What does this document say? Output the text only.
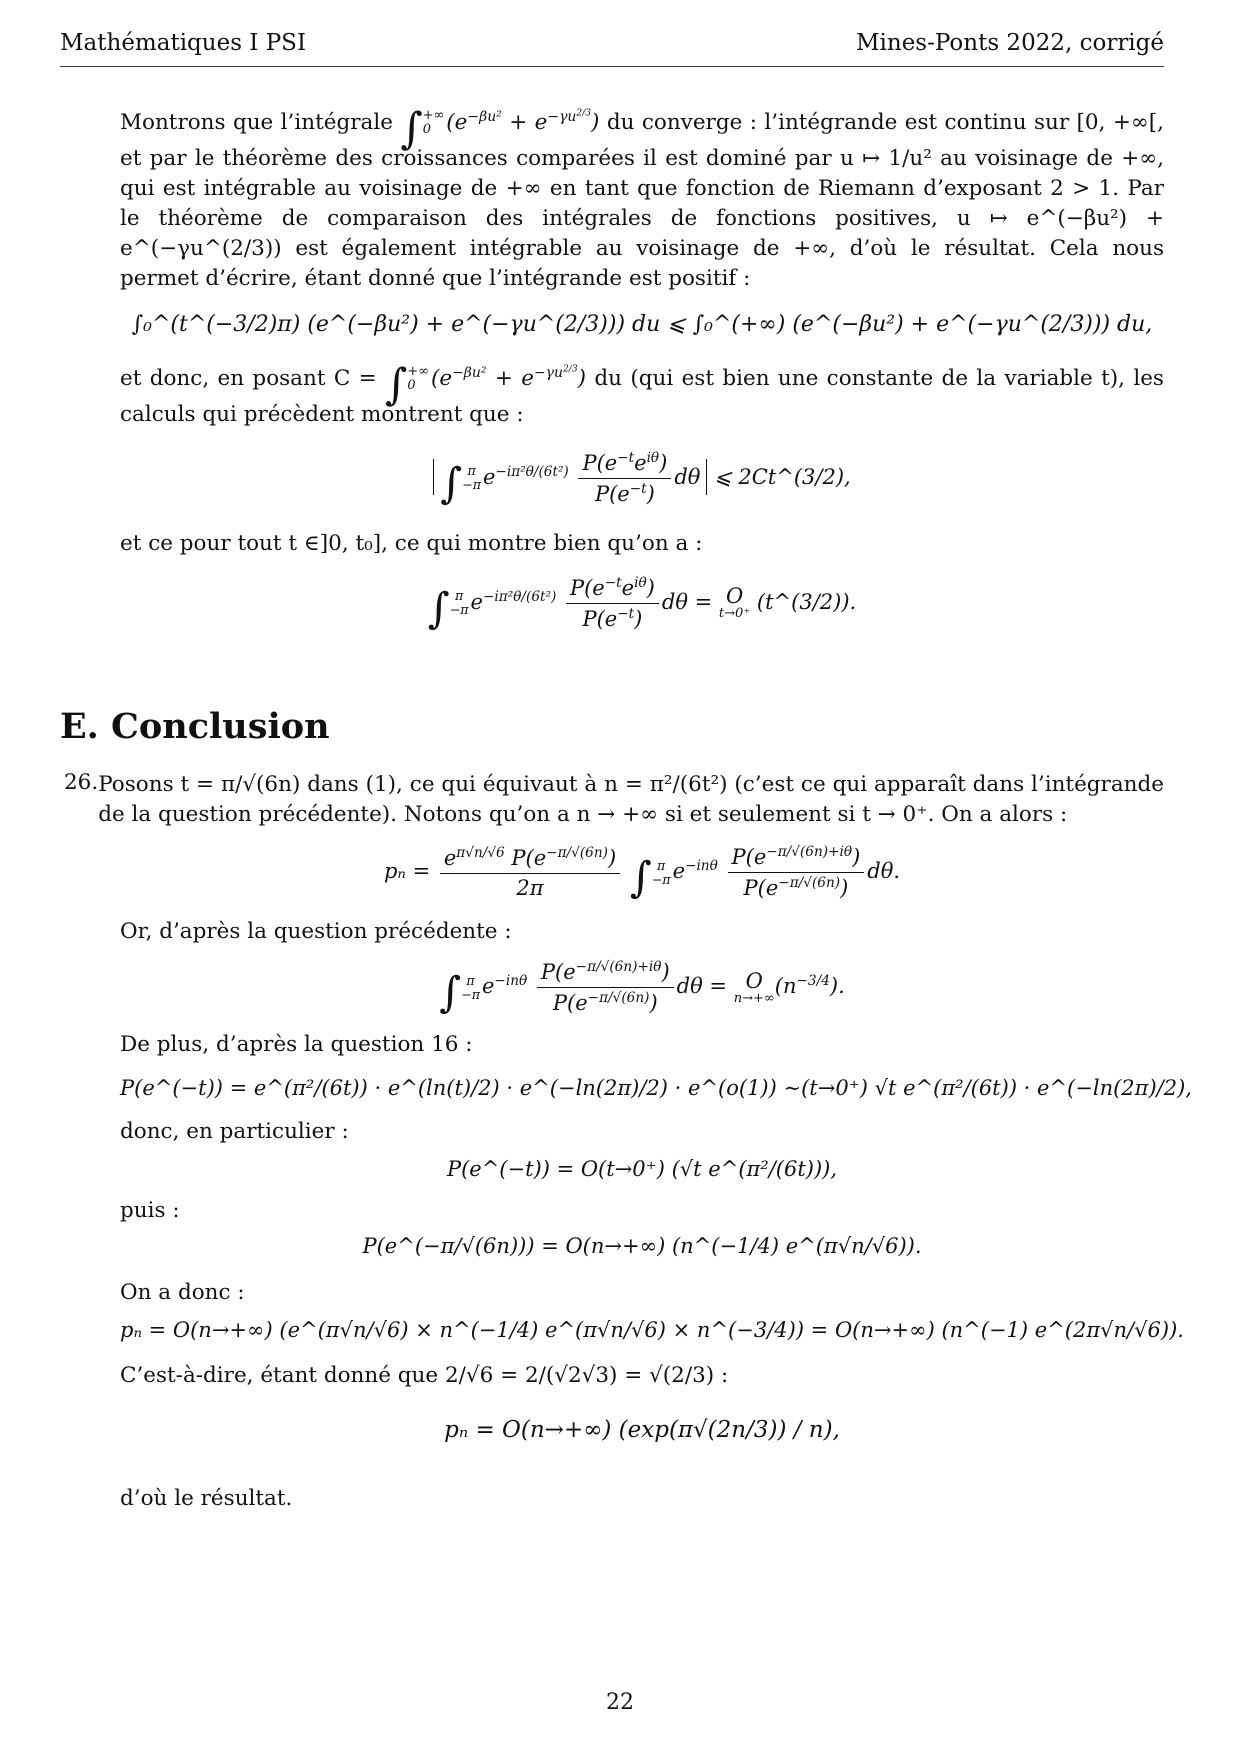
Mathématiques I PSI	Mines-Ponts 2022, corrigé

Montrons que l’intégrale ∫ +∞
0 $(e^{-\beta u^2} + e^{-\gamma u^{2/3}})$ du converge : l’intégrande est continu sur [0, +∞[, et par le théorème des croissances comparées il est dominé par u ↦ 1/u² au voisinage de +∞, qui est intégrable au voisinage de +∞ en tant que fonction de Riemann d’exposant 2 > 1. Par le théorème de comparaison des intégrales de fonctions positives, u ↦ e^(−βu²) + e^(−γu^(2/3)) est également intégrable au voisinage de +∞, d’où le résultat. Cela nous permet d’écrire, étant donné que l’intégrande est positif :

∫₀^(t^(−3/2)π) (e^(−βu²) + e^(−γu^(2/3))) du ⩽ ∫₀^(+∞) (e^(−βu²) + e^(−γu^(2/3))) du,

et donc, en posant C = ∫ +∞
0 $(e^{-\beta u^2} + e^{-\gamma u^{2/3}})$ du (qui est bien une constante de la variable t), les calculs qui précèdent montrent que :

∫ π
−π $e^{-i\pi^2\theta/(6t^2)} \frac{P(e^{-t}e^{i\theta})}{P(e^{-t})}$ dθ ⩽ 2Ct^(3/2),

et ce pour tout t ∈]0, t₀], ce qui montre bien qu’on a :

∫ π
−π $e^{-i\pi^2\theta/(6t^2)} \frac{P(e^{-t}e^{i\theta})}{P(e^{-t})}$ dθ = O
t→0⁺
(t^(3/2)).
E. Conclusion
26. Posons t = π/√(6n) dans (1), ce qui équivaut à n = π²/(6t²) (c’est ce qui apparaît dans l’intégrande de la question précédente). Notons qu’on a n → +∞ si et seulement si t → 0⁺. On a alors :

$p_n = \frac{e^{\pi√n/√6} P(e^{-\pi/√(6n)})}{2\pi}$ ∫ π
−π $e^{-in\theta} \frac{P(e^{-\pi/√(6n)+i\theta})}{P(e^{-\pi/√(6n)})} d\theta$.

Or, d’après la question précédente :

∫ π
−π $e^{-in\theta} \frac{P(e^{-\pi/√(6n)+i\theta})}{P(e^{-\pi/√(6n)})}$ dθ = O
n→+∞
$(n^{-3/4})$.

De plus, d’après la question 16 :

P(e^(−t)) = e^(π²/(6t)) · e^(ln(t)/2) · e^(−ln(2π)/2) · e^(o(1)) ∼(t→0⁺) √t e^(π²/(6t)) · e^(−ln(2π)/2),

donc, en particulier :

P(e^(−t)) = O(t→0⁺) (√t e^(π²/(6t))),

puis :

P(e^(−π/√(6n))) = O(n→+∞) (n^(−1/4) e^(π√n/√6)).

On a donc :

pₙ = O(n→+∞) (e^(π√n/√6) × n^(−1/4) e^(π√n/√6) × n^(−3/4)) = O(n→+∞) (n^(−1) e^(2π√n/√6)).

C’est-à-dire, étant donné que 2/√6 = 2/(√2√3) = √(2/3) :

pₙ = O(n→+∞) (exp(π√(2n/3)) / n),

d’où le résultat.

22
